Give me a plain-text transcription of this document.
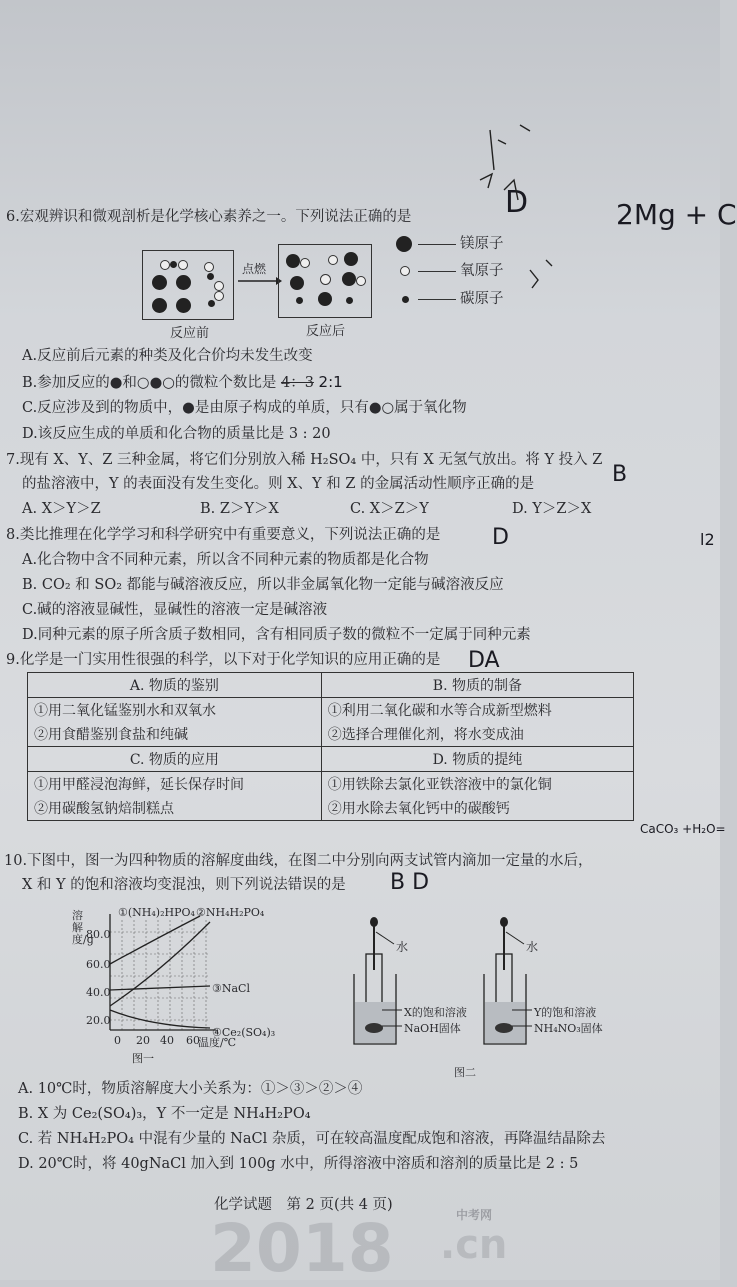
2Mg + C
D
B
D
DA
B D
CaCO₃ +H₂O=
l2
6.宏观辨识和微观剖析是化学核心素养之一。下列说法正确的是
点燃
反应前	反应后
镁原子
氧原子
碳原子
A.反应前后元素的种类及化合价均未发生改变
B.参加反应的●和○●○的微粒个数比是 4：3 2:1
C.反应涉及到的物质中，●是由原子构成的单质，只有●○属于氧化物
D.该反应生成的单质和化合物的质量比是 3 : 20
7.现有 X、Y、Z 三种金属，将它们分别放入稀 H₂SO₄ 中，只有 X 无氢气放出。将 Y 投入 Z
的盐溶液中，Y 的表面没有发生变化。则 X、Y 和 Z 的金属活动性顺序正确的是
A. X＞Y＞Z	B. Z＞Y＞X	C. X＞Z＞Y	D. Y＞Z＞X
8.类比推理在化学学习和科学研究中有重要意义，下列说法正确的是
A.化合物中含不同种元素，所以含不同种元素的物质都是化合物
B. CO₂ 和 SO₂ 都能与碱溶液反应，所以非金属氧化物一定能与碱溶液反应
C.碱的溶液显碱性，显碱性的溶液一定是碱溶液
D.同种元素的原子所含质子数相同，含有相同质子数的微粒不一定属于同种元素
9.化学是一门实用性很强的科学，以下对于化学知识的应用正确的是
A. 物质的鉴别	B. 物质的制备
①用二氧化锰鉴别水和双氧水	①利用二氧化碳和水等合成新型燃料
②用食醋鉴别食盐和纯碱	②选择合理催化剂，将水变成油
C. 物质的应用	D. 物质的提纯
①用甲醛浸泡海鲜，延长保存时间	①用铁除去氯化亚铁溶液中的氯化铜
②用碳酸氢钠焙制糕点	②用水除去氧化钙中的碳酸钙
10.下图中，图一为四种物质的溶解度曲线，在图二中分别向两支试管内滴加一定量的水后，
X 和 Y 的饱和溶液均变混浊，则下列说法错误的是
图一
溶解度/g
80.0
60.0
40.0
20.0
0 20 40 60
温度/℃
①(NH₄)₂HPO₄ ②NH₄H₂PO₄
③NaCl
④Ce₂(SO₄)₃
水
X的饱和溶液
NaOH固体
水
Y的饱和溶液
NH₄NO₃固体
图二
A. 10℃时，物质溶解度大小关系为：①＞③＞②＞④
B. X 为 Ce₂(SO₄)₃，Y 不一定是 NH₄H₂PO₄
C. 若 NH₄H₂PO₄ 中混有少量的 NaCl 杂质，可在较高温度配成饱和溶液，再降温结晶除去
D. 20℃时，将 40gNaCl 加入到 100g 水中，所得溶液中溶质和溶剂的质量比是 2 : 5
化学试题　第 2 页(共 4 页)
中考网
2018 .cn
